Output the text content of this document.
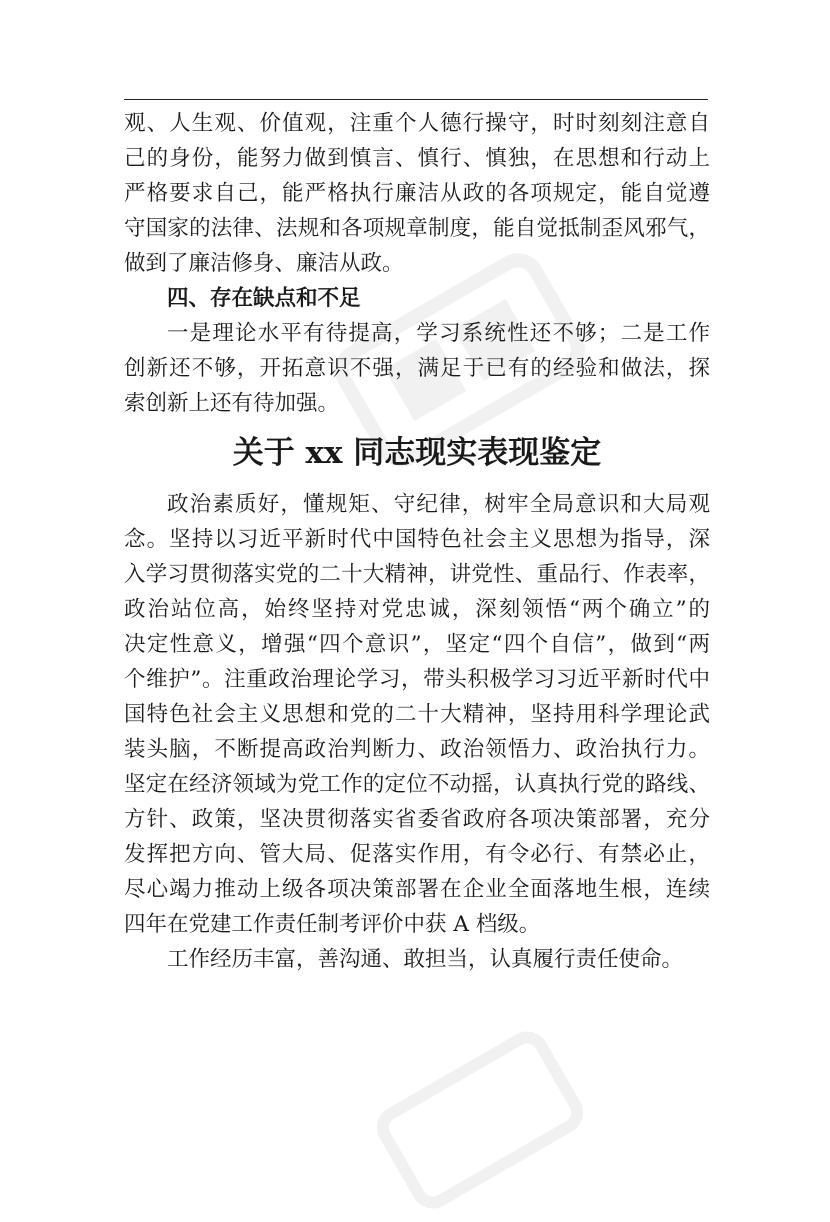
观、人生观、价值观，注重个人德行操守，时时刻刻注意自
己的身份，能努力做到慎言、慎行、慎独，在思想和行动上
严格要求自己，能严格执行廉洁从政的各项规定，能自觉遵
守国家的法律、法规和各项规章制度，能自觉抵制歪风邪气，
做到了廉洁修身、廉洁从政。
四、存在缺点和不足
一是理论水平有待提高，学习系统性还不够；二是工作
创新还不够，开拓意识不强，满足于已有的经验和做法，探
索创新上还有待加强。
关于 xx 同志现实表现鉴定
政治素质好，懂规矩、守纪律，树牢全局意识和大局观
念。坚持以习近平新时代中国特色社会主义思想为指导，深
入学习贯彻落实党的二十大精神，讲党性、重品行、作表率，
政治站位高，始终坚持对党忠诚，深刻领悟“两个确立”的
决定性意义，增强“四个意识”，坚定“四个自信”，做到“两
个维护”。注重政治理论学习，带头积极学习习近平新时代中
国特色社会主义思想和党的二十大精神，坚持用科学理论武
装头脑，不断提高政治判断力、政治领悟力、政治执行力。
坚定在经济领域为党工作的定位不动摇，认真执行党的路线、
方针、政策，坚决贯彻落实省委省政府各项决策部署，充分
发挥把方向、管大局、促落实作用，有令必行、有禁必止，
尽心竭力推动上级各项决策部署在企业全面落地生根，连续
四年在党建工作责任制考评价中获 A 档级。
工作经历丰富，善沟通、敢担当，认真履行责任使命。
